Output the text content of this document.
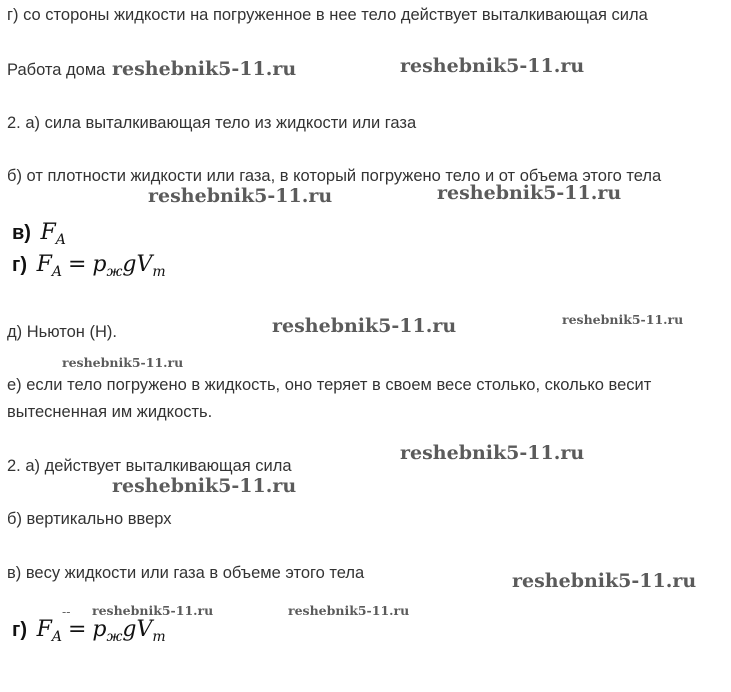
г) со стороны жидкости на погруженное в нее тело действует выталкивающая сила

Работа дома

2. а) сила выталкивающая тело из жидкости или газа

б) от плотности жидкости или газа, в который погружено тело и от объема этого тела

в) $F_A$
г) $F_A = p_жgV_m$

д) Ньютон (Н).

е) если тело погружено в жидкость, оно теряет в своем весе столько, сколько весит вытесненная им жидкость.

2. а) действует выталкивающая сила

б) вертикально вверх

в) весу жидкости или газа в объеме этого тела

--
г) $F_A = p_жgV_m$
reshebnik5-11.ru	reshebnik5-11.ru
reshebnik5-11.ru	reshebnik5-11.ru
reshebnik5-11.ru	reshebnik5-11.ru
reshebnik5-11.ru
reshebnik5-11.ru
reshebnik5-11.ru
reshebnik5-11.ru
reshebnik5-11.ru	reshebnik5-11.ru
